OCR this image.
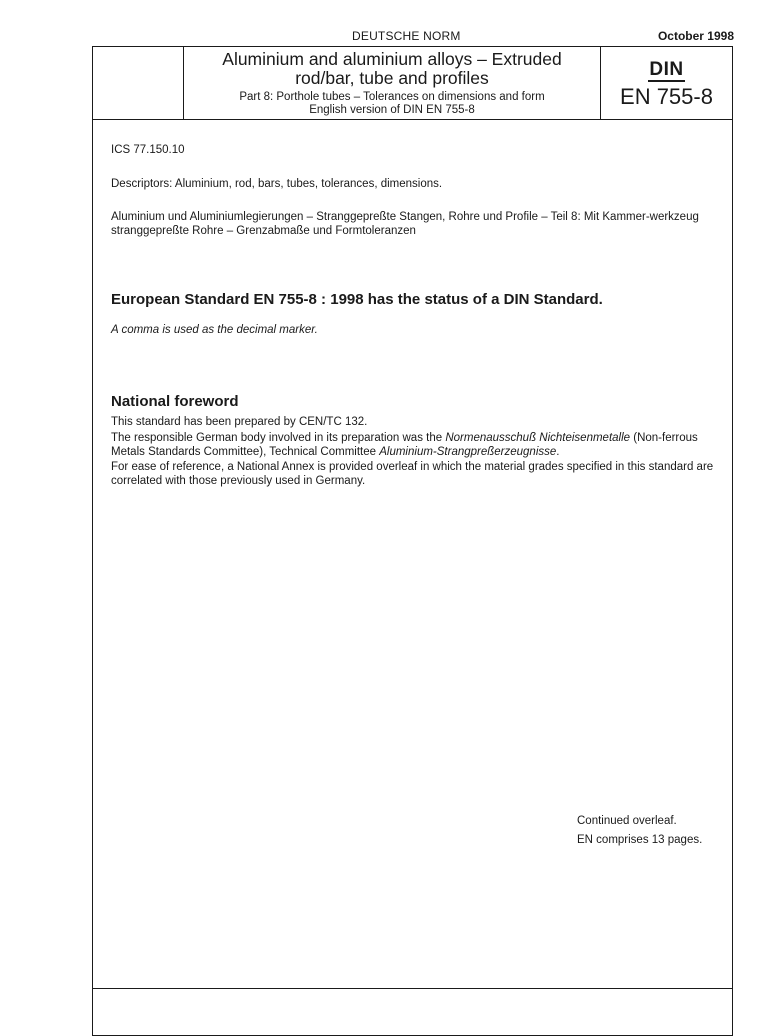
DEUTSCHE NORM	October 1998
Aluminium and aluminium alloys – Extruded
rod/bar, tube and profiles
Part 8: Porthole tubes – Tolerances on dimensions and form
English version of DIN EN 755-8
DIN
EN 755-8
ICS 77.150.10
Descriptors: Aluminium, rod, bars, tubes, tolerances, dimensions.
Aluminium und Aluminiumlegierungen – Stranggepreßte Stangen, Rohre und Profile – Teil 8: Mit Kammer-werkzeug stranggepreßte Rohre – Grenzabmaße und Formtoleranzen
European Standard EN 755-8 : 1998 has the status of a DIN Standard.
A comma is used as the decimal marker.
National foreword
This standard has been prepared by CEN/TC 132.
The responsible German body involved in its preparation was the Normenausschuß Nichteisenmetalle (Non-ferrous Metals Standards Committee), Technical Committee Aluminium-Strangpreßerzeugnisse.
For ease of reference, a National Annex is provided overleaf in which the material grades specified in this standard are correlated with those previously used in Germany.
Continued overleaf.
EN comprises 13 pages.
